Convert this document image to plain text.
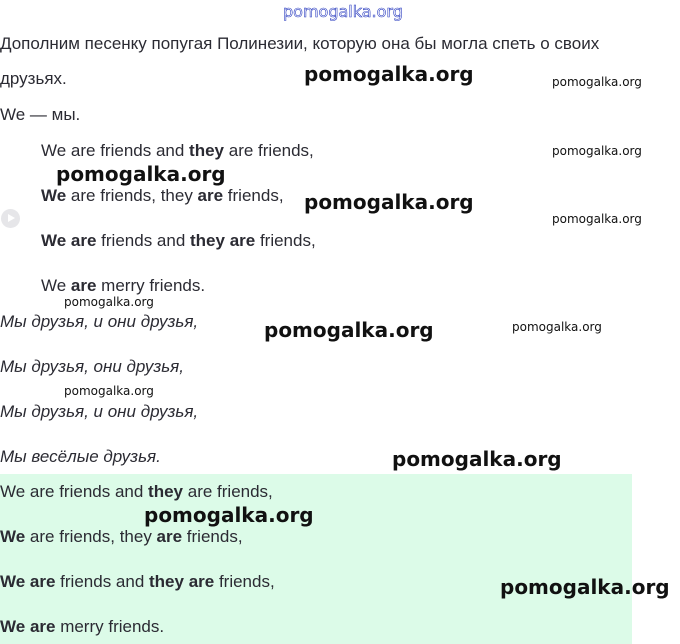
pomogalka.org
Дополним песенку попугая Полинезии, которую она бы могла спеть о своих
друзьях.
We — мы.
We are friends and they are friends,
We are friends, they are friends,
We are friends and they are friends,
We are merry friends.
Мы друзья, и они друзья,
Мы друзья, они друзья,
Мы друзья, и они друзья,
Мы весёлые друзья.
We are friends and they are friends,
We are friends, they are friends,
We are friends and they are friends,
We are merry friends.
pomogalka.org	pomogalka.org
pomogalka.org
pomogalka.org
pomogalka.org
pomogalka.org
pomogalka.org
pomogalka.org	pomogalka.org
pomogalka.org
pomogalka.org
pomogalka.org
pomogalka.org
